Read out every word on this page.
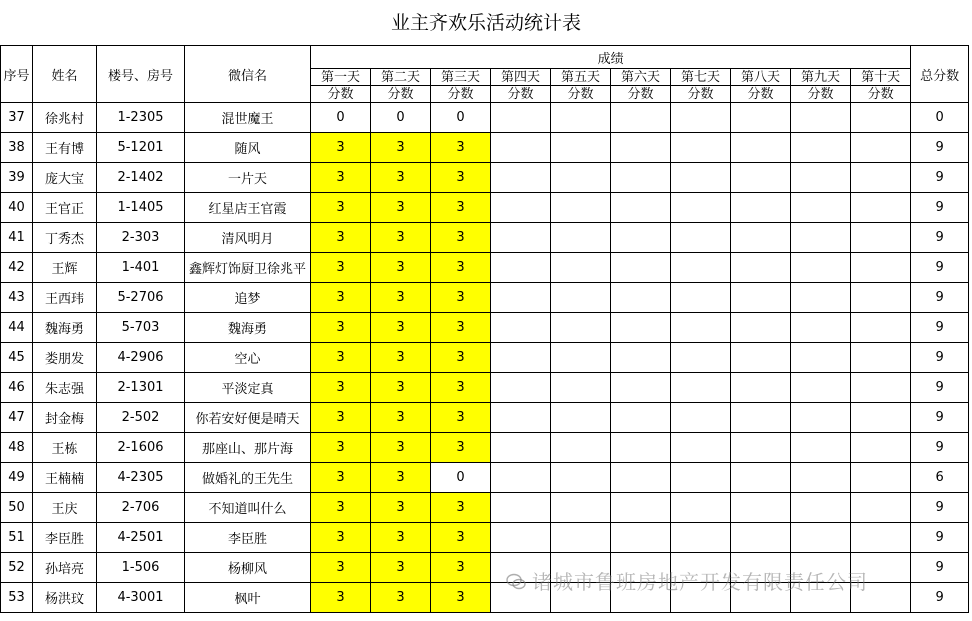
业主齐欢乐活动统计表
序号	姓名	楼号、房号	微信名	成绩										总分数
				第一天	第二天	第三天	第四天	第五天	第六天	第七天	第八天	第九天	第十天	
				分数	分数	分数	分数	分数	分数	分数	分数	分数	分数	
37	徐兆村	1-2305	混世魔王	0	0	0								0
38	王有博	5-1201	随风	3	3	3								9
39	庞大宝	2-1402	一片天	3	3	3								9
40	王官正	1-1405	红星店王官霞	3	3	3								9
41	丁秀杰	2-303	清风明月	3	3	3								9
42	王辉	1-401	鑫辉灯饰厨卫徐兆平	3	3	3								9
43	王西玮	5-2706	追梦	3	3	3								9
44	魏海勇	5-703	魏海勇	3	3	3								9
45	娄朋发	4-2906	空心	3	3	3								9
46	朱志强	2-1301	平淡定真	3	3	3								9
47	封金梅	2-502	你若安好便是晴天	3	3	3								9
48	王栋	2-1606	那座山、那片海	3	3	3								9
49	王楠楠	4-2305	做婚礼的王先生	3	3	0								6
50	王庆	2-706	不知道叫什么	3	3	3								9
51	李臣胜	4-2501	李臣胜	3	3	3								9
52	孙培亮	1-506	杨柳风	3	3	3								9
53	杨洪玟	4-3001	枫叶	3	3	3								9
诸城市鲁班房地产开发有限责任公司
